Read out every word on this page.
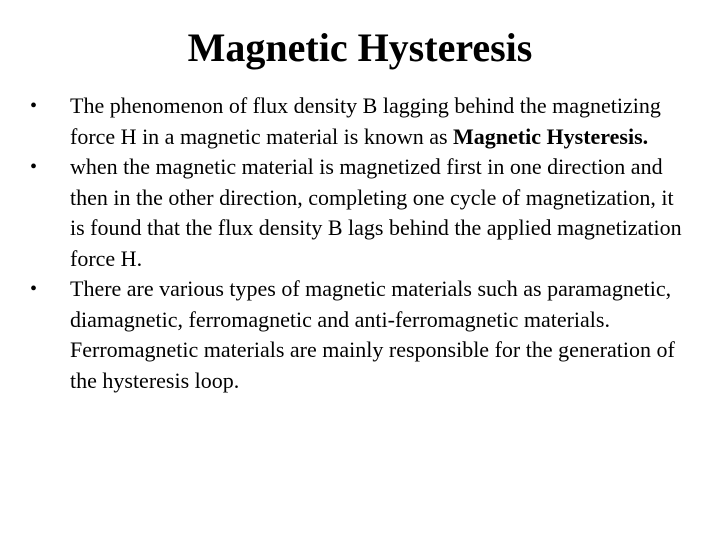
Magnetic Hysteresis
•	The phenomenon of flux density B lagging behind the magnetizing force H in a magnetic material is known as Magnetic Hysteresis.
•	when the magnetic material is magnetized first in one direction and then in the other direction, completing one cycle of magnetization, it is found that the flux density B lags behind the applied magnetization force H.
•	There are various types of magnetic materials such as paramagnetic, diamagnetic, ferromagnetic and anti-ferromagnetic materials. Ferromagnetic materials are mainly responsible for the generation of the hysteresis loop.
